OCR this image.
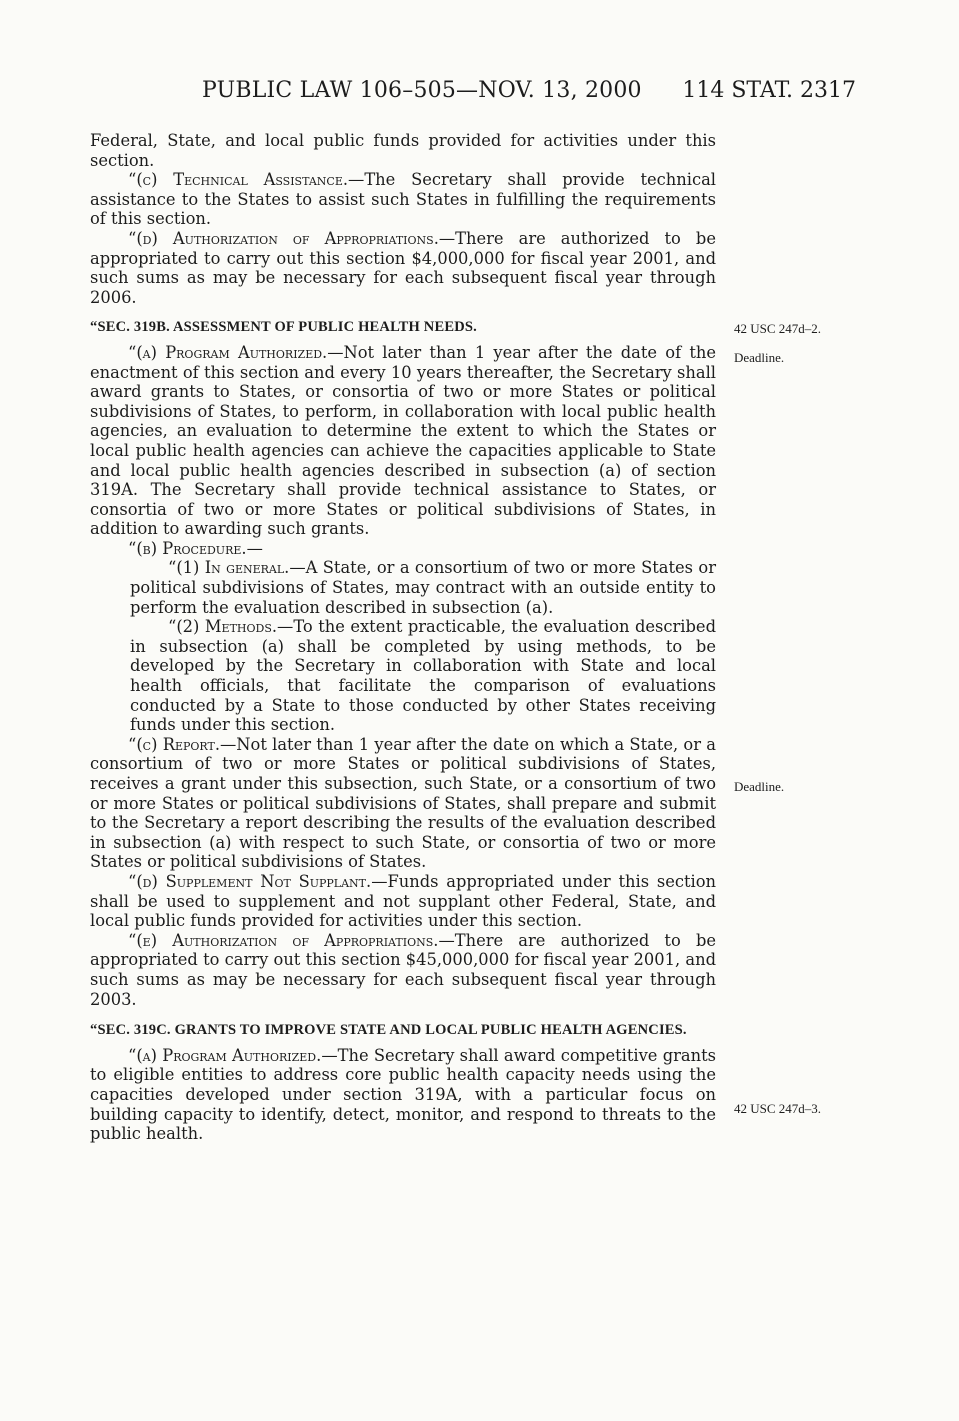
PUBLIC LAW 106–505—NOV. 13, 2000 114 STAT. 2317

Federal, State, and local public funds provided for activities under this section.

“(c) Technical Assistance.—The Secretary shall provide technical assistance to the States to assist such States in fulfilling the requirements of this section.

“(d) Authorization of Appropriations.—There are authorized to be appropriated to carry out this section $4,000,000 for fiscal year 2001, and such sums as may be necessary for each subsequent fiscal year through 2006.

“SEC. 319B. ASSESSMENT OF PUBLIC HEALTH NEEDS.

“(a) Program Authorized.—Not later than 1 year after the date of the enactment of this section and every 10 years thereafter, the Secretary shall award grants to States, or consortia of two or more States or political subdivisions of States, to perform, in collaboration with local public health agencies, an evaluation to determine the extent to which the States or local public health agencies can achieve the capacities applicable to State and local public health agencies described in subsection (a) of section 319A. The Secretary shall provide technical assistance to States, or consortia of two or more States or political subdivisions of States, in addition to awarding such grants.

“(b) Procedure.—

“(1) In general.—A State, or a consortium of two or more States or political subdivisions of States, may contract with an outside entity to perform the evaluation described in subsection (a).

“(2) Methods.—To the extent practicable, the evaluation described in subsection (a) shall be completed by using methods, to be developed by the Secretary in collaboration with State and local health officials, that facilitate the comparison of evaluations conducted by a State to those conducted by other States receiving funds under this section.

“(c) Report.—Not later than 1 year after the date on which a State, or a consortium of two or more States or political subdivisions of States, receives a grant under this subsection, such State, or a consortium of two or more States or political subdivisions of States, shall prepare and submit to the Secretary a report describing the results of the evaluation described in subsection (a) with respect to such State, or consortia of two or more States or political subdivisions of States.

“(d) Supplement Not Supplant.—Funds appropriated under this section shall be used to supplement and not supplant other Federal, State, and local public funds provided for activities under this section.

“(e) Authorization of Appropriations.—There are authorized to be appropriated to carry out this section $45,000,000 for fiscal year 2001, and such sums as may be necessary for each subsequent fiscal year through 2003.

“SEC. 319C. GRANTS TO IMPROVE STATE AND LOCAL PUBLIC HEALTH AGENCIES.

“(a) Program Authorized.—The Secretary shall award competitive grants to eligible entities to address core public health capacity needs using the capacities developed under section 319A, with a particular focus on building capacity to identify, detect, monitor, and respond to threats to the public health.

42 USC 247d–2.
Deadline.
Deadline.
42 USC 247d–3.
